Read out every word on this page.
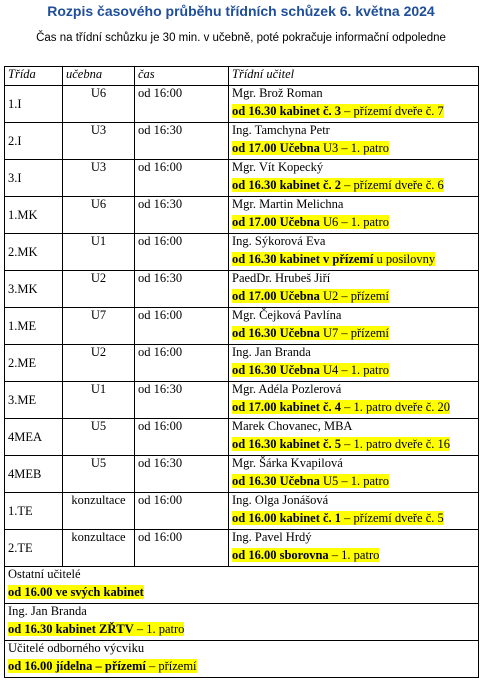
Rozpis časového průběhu třídních schůzek 6. května 2024
Čas na třídní schůzku je 30 min. v učebně, poté pokračuje informační odpoledne
Třída	učebna	čas	Třídní učitel
1.I	U6	od 16:00	Mgr. Brož Roman
			od 16.30 kabinet č. 3 – přízemí dveře č. 7
2.I	U3	od 16:30	Ing. Tamchyna Petr
			od 17.00 Učebna U3 – 1. patro
3.I	U3	od 16:00	Mgr. Vít Kopecký
			od 16.30 kabinet č. 2 – přízemí dveře č. 6
1.MK	U6	od 16:30	Mgr. Martin Melichna
			od 17.00 Učebna U6 – 1. patro
2.MK	U1	od 16:00	Ing. Sýkorová Eva
			od 16.30 kabinet v přízemí u posilovny
3.MK	U2	od 16:30	PaedDr. Hrubeš Jiří
			od 17.00 Učebna U2 – přízemí
1.ME	U7	od 16:00	Mgr. Čejková Pavlína
			od 16.30 Učebna U7 – přízemí
2.ME	U2	od 16:00	Ing. Jan Branda
			od 16.30 Učebna U4 – 1. patro
3.ME	U1	od 16:30	Mgr. Adéla Pozlerová
			od 17.00 kabinet č. 4 – 1. patro dveře č. 20
4MEA	U5	od 16:00	Marek Chovanec, MBA
			od 16.30 kabinet č. 5 – 1. patro dveře č. 16
4MEB	U5	od 16:30	Mgr. Šárka Kvapilová
			od 16.30 Učebna U5 – 1. patro
1.TE	konzultace	od 16:00	Ing. Olga Jonášová
			od 16.00 kabinet č. 1 – přízemí dveře č. 5
2.TE	konzultace	od 16:00	Ing. Pavel Hrdý
			od 16.00 sborovna – 1. patro
Ostatní učitelé			
od 16.00 ve svých kabinet			
Ing. Jan Branda			
od 16.30 kabinet ZŘTV – 1. patro			
Učitelé odborného výcviku			
od 16.00 jídelna – přízemí – přízemí			
